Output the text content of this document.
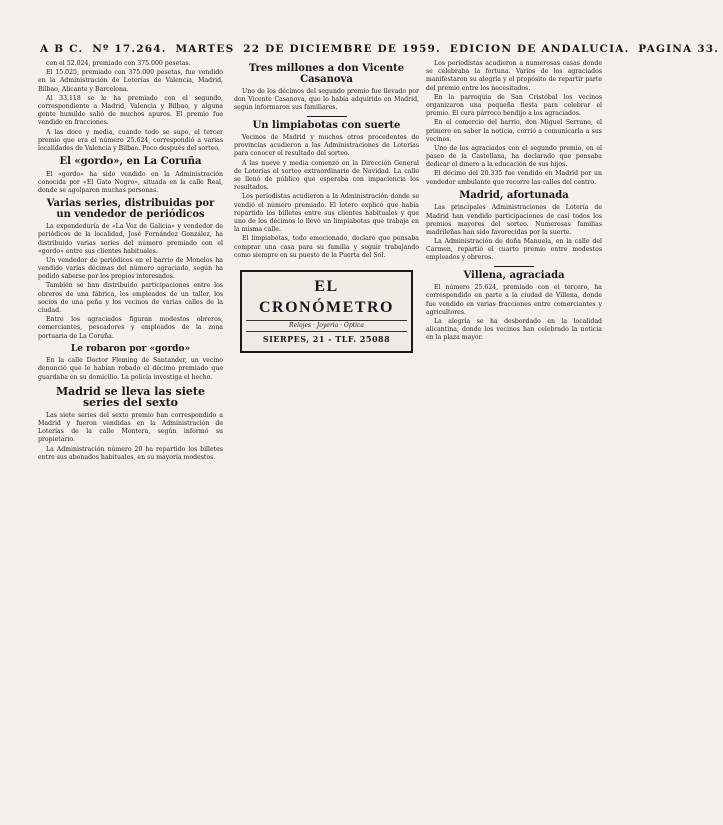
A B C. Nº 17.264. MARTES 22 DE DICIEMBRE DE 1959. EDICION DE ANDALUCIA. PAGINA 33.

con el 52.024, premiado con 375.000 pesetas.

El 15.025, premiado con 375.000 pesetas, fue vendido en la Administración de Loterías de Valencia, Madrid, Bilbao, Alicante y Barcelona.

Al 33.118 se le ha premiado con el segundo, correspondiente a Madrid, Valencia y Bilbao, y alguna gente humilde salió de muchos apuros. El premio fue vendido en fracciones.

A las doce y media, cuando todo se supo, el tercer premio que era el número 25.624, correspondió a varias localidades de Valencia y Bilbao. Poco después del sorteo.

El «gordo», en La Coruña

El «gordo» ha sido vendido en la Administración conocida por «El Gato Negro», situada en la calle Real, donde se agolparon muchas personas.

Varias series, distribuidas por un vendedor de periódicos

La expendeduría de «La Voz de Galicia» y vendedor de periódicos de la localidad, José Fernández González, ha distribuido varias series del número premiado con el «gordo» entre sus clientes habituales.

Un vendedor de periódicos en el barrio de Monelos ha vendido varias décimas del número agraciado, según ha podido saberse por los propios interesados.

También se han distribuido participaciones entre los obreros de una fábrica, los empleados de un taller, los socios de una peña y los vecinos de varias calles de la ciudad.

Entre los agraciados figuran modestos obreros, comerciantes, pescadores y empleados de la zona portuaria de La Coruña.

Le robaron por «gordo»

En la calle Doctor Fleming de Santander, un vecino denunció que le habían robado el décimo premiado que guardaba en su domicilio. La policía investiga el hecho.

Madrid se lleva las siete series del sexto

Las siete series del sexto premio han correspondido a Madrid y fueron vendidas en la Administración de Loterías de la calle Montera, según informó su propietario.

La Administración número 20 ha repartido los billetes entre sus abonados habituales, en su mayoría modestos.

Tres millones a don Vicente Casanova

Uno de los décimos del segundo premio fue llevado por don Vicente Casanova, que lo había adquirido en Madrid, según informaron sus familiares.

Un limpiabotas con suerte

Vecinos de Madrid y muchos otros procedentes de provincias acudieron a las Administraciones de Loterías para conocer el resultado del sorteo.

A las nueve y media comenzó en la Dirección General de Loterías el sorteo extraordinario de Navidad. La calle se llenó de público que esperaba con impaciencia los resultados.

Los periodistas acudieron a la Administración donde se vendió el número premiado. El lotero explicó que había repartido los billetes entre sus clientes habituales y que uno de los décimos lo llevó un limpiabotas que trabaja en la misma calle.

El limpiabotas, todo emocionado, declaró que pensaba comprar una casa para su familia y seguir trabajando como siempre en su puesto de la Puerta del Sol.

EL CRONÓMETRO
Relojes · Joyería · Óptica
SIERPES, 21 - TLF. 25088

Los periodistas acudieron a numerosas casas donde se celebraba la fortuna. Varios de los agraciados manifestaron su alegría y el propósito de repartir parte del premio entre los necesitados.

En la parroquia de San Cristóbal los vecinos organizaron una pequeña fiesta para celebrar el premio. El cura párroco bendijo a los agraciados.

En el comercio del barrio, don Miguel Serrano, el primero en saber la noticia, corrió a comunicarla a sus vecinos.

Uno de los agraciados con el segundo premio, en el paseo de la Castellana, ha declarado que pensaba dedicar el dinero a la educación de sus hijos.

El décimo del 20.335 fue vendido en Madrid por un vendedor ambulante que recorre las calles del centro.

Madrid, afortunada

Las principales Administraciones de Lotería de Madrid han vendido participaciones de casi todos los premios mayores del sorteo. Numerosas familias madrileñas han sido favorecidas por la suerte.

La Administración de doña Manuela, en la calle del Carmen, repartió el cuarto premio entre modestos empleados y obreros.

Villena, agraciada

El número 25.624, premiado con el tercero, ha correspondido en parte a la ciudad de Villena, donde fue vendido en varias fracciones entre comerciantes y agricultores.

La alegría se ha desbordado en la localidad alicantina, donde los vecinos han celebrado la noticia en la plaza mayor.
